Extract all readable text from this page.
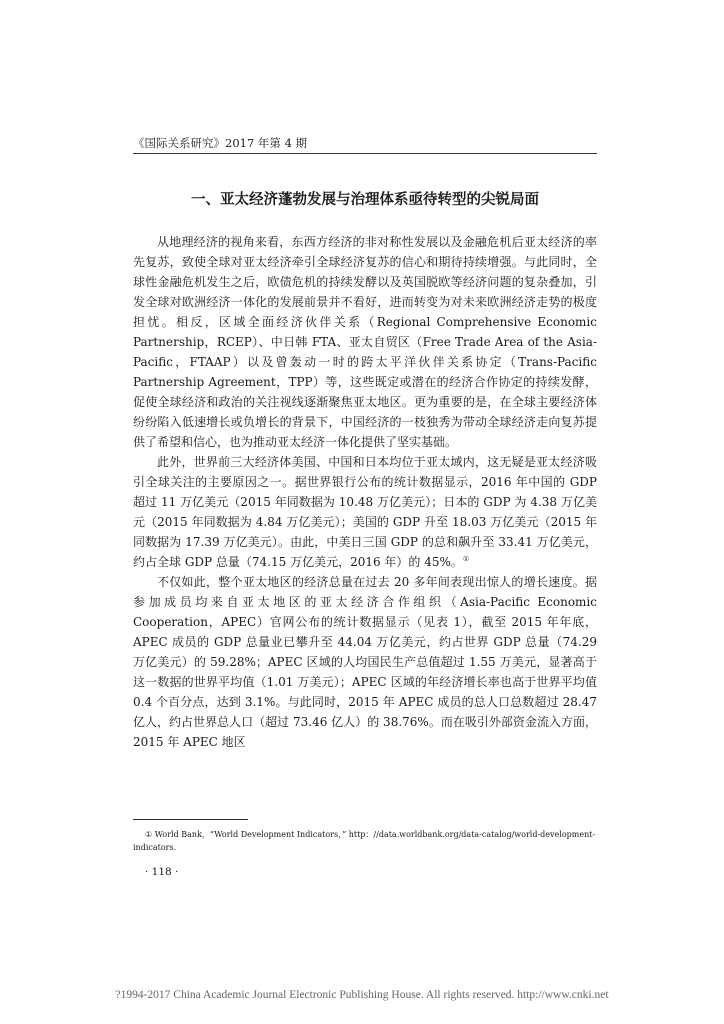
《国际关系研究》2017 年第 4 期
一、亚太经济蓬勃发展与治理体系亟待转型的尖锐局面

从地理经济的视角来看，东西方经济的非对称性发展以及金融危机后亚太经济的率先复苏，致使全球对亚太经济牵引全球经济复苏的信心和期待持续增强。与此同时，全球性金融危机发生之后，欧债危机的持续发酵以及英国脱欧等经济问题的复杂叠加，引发全球对欧洲经济一体化的发展前景并不看好，进而转变为对未来欧洲经济走势的极度担忧。相反，区域全面经济伙伴关系（Regional Comprehensive Economic Partnership，RCEP）、中日韩 FTA、亚太自贸区（Free Trade Area of the Asia-Pacific，FTAAP）以及曾轰动一时的跨太平洋伙伴关系协定（Trans-Pacific Partnership Agreement，TPP）等，这些既定或潜在的经济合作协定的持续发酵，促使全球经济和政治的关注视线逐渐聚焦亚太地区。更为重要的是，在全球主要经济体纷纷陷入低速增长或负增长的背景下，中国经济的一枝独秀为带动全球经济走向复苏提供了希望和信心，也为推动亚太经济一体化提供了坚实基础。

此外，世界前三大经济体美国、中国和日本均位于亚太域内，这无疑是亚太经济吸引全球关注的主要原因之一。据世界银行公布的统计数据显示，2016 年中国的 GDP 超过 11 万亿美元（2015 年同数据为 10.48 万亿美元）；日本的 GDP 为 4.38 万亿美元（2015 年同数据为 4.84 万亿美元）；美国的 GDP 升至 18.03 万亿美元（2015 年同数据为 17.39 万亿美元）。由此，中美日三国 GDP 的总和飙升至 33.41 万亿美元，约占全球 GDP 总量（74.15 万亿美元，2016 年）的 45%。①

不仅如此，整个亚太地区的经济总量在过去 20 多年间表现出惊人的增长速度。据参加成员均来自亚太地区的亚太经济合作组织（Asia-Pacific Economic Cooperation，APEC）官网公布的统计数据显示（见表 1），截至 2015 年年底，APEC 成员的 GDP 总量业已攀升至 44.04 万亿美元，约占世界 GDP 总量（74.29 万亿美元）的 59.28%；APEC 区域的人均国民生产总值超过 1.55 万美元，显著高于这一数据的世界平均值（1.01 万美元）；APEC 区域的年经济增长率也高于世界平均值 0.4 个百分点，达到 3.1%。与此同时，2015 年 APEC 成员的总人口总数超过 28.47 亿人，约占世界总人口（超过 73.46 亿人）的 38.76%。而在吸引外部资金流入方面，2015 年 APEC 地区

① World Bank，“World Development Indicators，” http：//data.worldbank.org/data-catalog/world-development-indicators.
· 118 ·
?1994-2017 China Academic Journal Electronic Publishing House. All rights reserved. http://www.cnki.net
